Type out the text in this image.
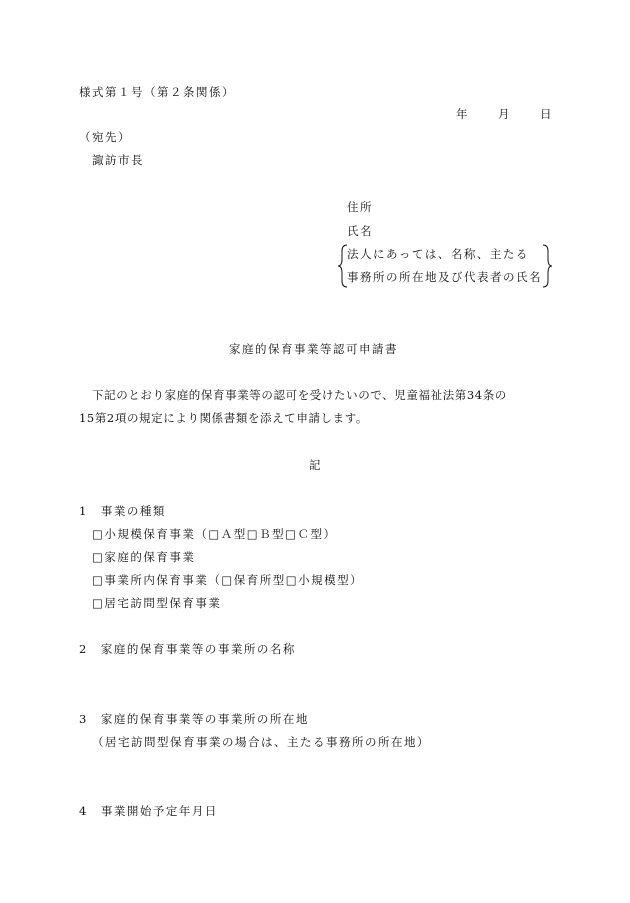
様式第１号（第２条関係）
年	月	日
（宛先）
諏訪市長
住所
氏名
法人にあっては、名称、主たる
事務所の所在地及び代表者の氏名
家庭的保育事業等認可申請書
下記のとおり家庭的保育事業等の認可を受けたいので、児童福祉法第34条の
15第2項の規定により関係書類を添えて申請します。
記
1　事業の種類
□小規模保育事業（□Ａ型□Ｂ型□Ｃ型）
□家庭的保育事業
□事業所内保育事業（□保育所型□小規模型）
□居宅訪問型保育事業
2　家庭的保育事業等の事業所の名称
3　家庭的保育事業等の事業所の所在地
（居宅訪問型保育事業の場合は、主たる事務所の所在地）
4　事業開始予定年月日
